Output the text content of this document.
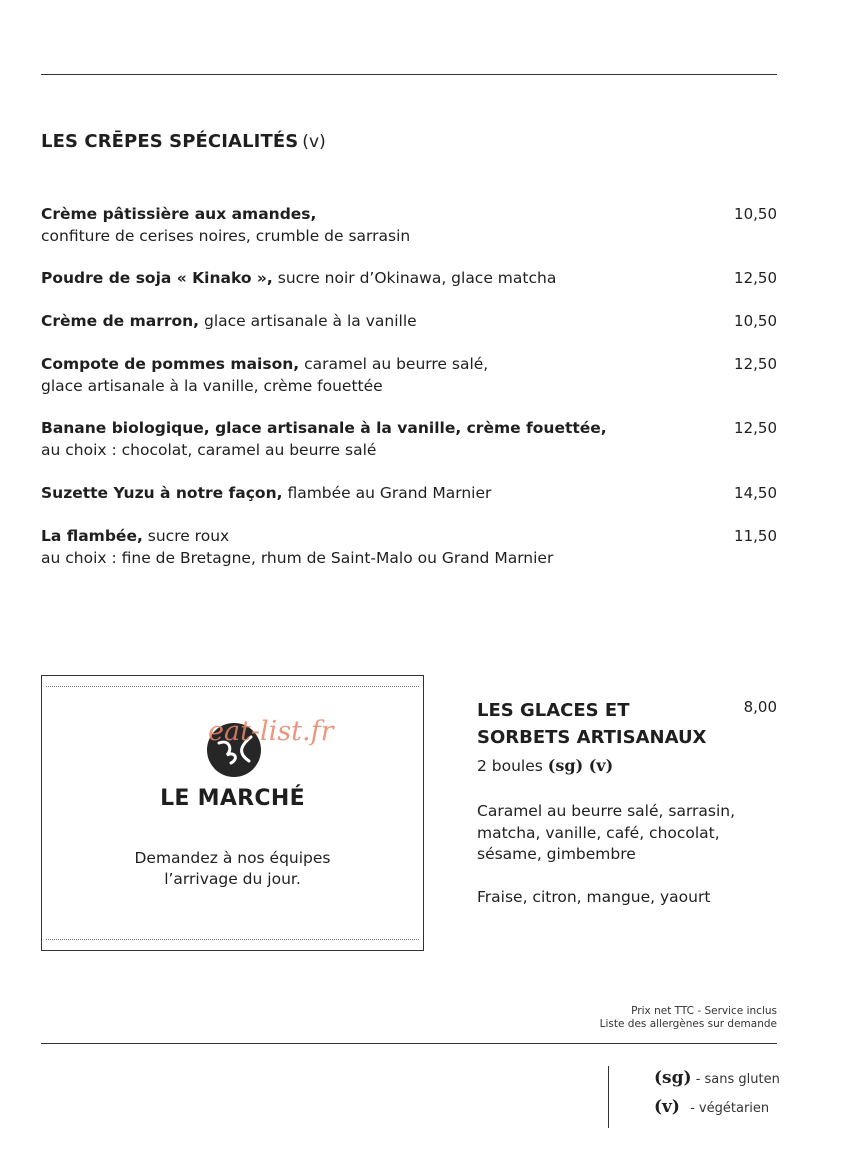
LES CRĒPES SPÉCIALITÉS (v)
Crème pâtissière aux amandes,
confiture de cerises noires, crumble de sarrasin
10,50
Poudre de soja « Kinako », sucre noir d’Okinawa, glace matcha	12,50
Crème de marron, glace artisanale à la vanille	10,50
Compote de pommes maison, caramel au beurre salé,
glace artisanale à la vanille, crème fouettée
12,50
Banane biologique, glace artisanale à la vanille, crème fouettée,
au choix : chocolat, caramel au beurre salé
12,50
Suzette Yuzu à notre façon, flambée au Grand Marnier	14,50
La flambée, sucre roux
au choix : fine de Bretagne, rhum de Saint-Malo ou Grand Marnier
11,50
eat-list.fr
LE MARCHÉ
Demandez à nos équipes
l’arrivage du jour.
LES GLACES ET SORBETS ARTISANAUX
8,00
2 boules (sg) (v)
Caramel au beurre salé, sarrasin, matcha, vanille, café, chocolat, sésame, gimbembre
Fraise, citron, mangue, yaourt
Prix net TTC - Service inclus
Liste des allergènes sur demande
(sg) - sans gluten
(v) - végétarien
